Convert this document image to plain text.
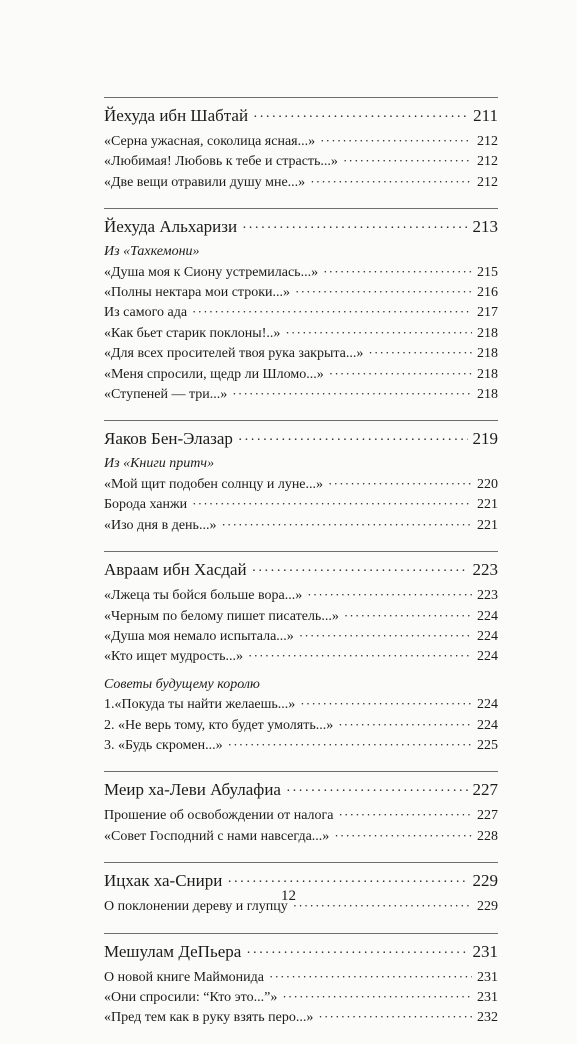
Йехуда ибн Шабтай · · ·	211
«Серна ужасная, соколица ясная...» · · ·	212
«Любимая! Любовь к тебе и страсть...» · · ·	212
«Две вещи отравили душу мне...» · · ·	212
Йехуда Альхаризи · · ·	213
Из «Тахкемони»
«Душа моя к Сиону устремилась...» · · ·	215
«Полны нектара мои строки...» · · ·	216
Из самого ада · · ·	217
«Как бьет старик поклоны!..» · · ·	218
«Для всех просителей твоя рука закрыта...» · · ·	218
«Меня спросили, щедр ли Шломо...» · · ·	218
«Ступеней — три...» · · ·	218
Яаков Бен-Элазар · · ·	219
Из «Книги притч»
«Мой щит подобен солнцу и луне...» · · ·	220
Борода ханжи · · ·	221
«Изо дня в день...» · · ·	221
Авраам ибн Хасдай · · ·	223
«Лжеца ты бойся больше вора...» · · ·	223
«Черным по белому пишет писатель...» · · ·	224
«Душа моя немало испытала...» · · ·	224
«Кто ищет мудрость...» · · ·	224
Советы будущему королю
1.«Покуда ты найти желаешь...» · · ·	224
2. «Не верь тому, кто будет умолять...» · · ·	224
3. «Будь скромен...» · · ·	225
Меир ха-Леви Абулафиа · · ·	227
Прошение об освобождении от налога · · ·	227
«Совет Господний с нами навсегда...» · · ·	228
Ицхак ха-Снири · · ·	229
О поклонении дереву и глупцу · · ·	229
Мешулам ДеПьера · · ·	231
О новой книге Маймонида · · ·	231
«Они спросили: “Кто это...”» · · ·	231
«Пред тем как в руку взять перо...» · · ·	232
12
